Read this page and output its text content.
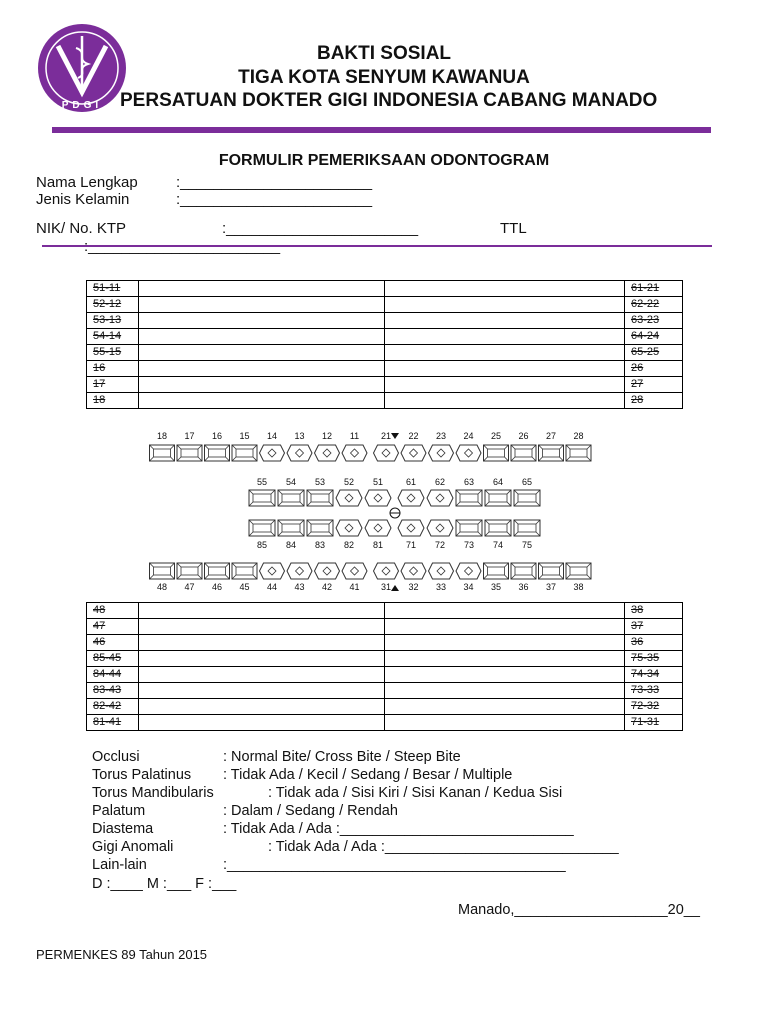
PDGI
BAKTI SOSIAL
TIGA KOTA SENYUM KAWANUA
PERSATUAN DOKTER GIGI INDONESIA CABANG MANADO
FORMULIR PEMERIKSAAN ODONTOGRAM
Nama Lengkap	:_______________________
Jenis Kelamin	:_______________________
NIK/ No. KTP	:_______________________	TTL
:_______________________
51-11			61-21
52-12			62-22
53-13			63-23
54-14			64-24
55-15			65-25
16			26
17			27
18			28
18 17 16 15 14 13 12 11 21 22 23 24 25 26 27 28
48 47 46 45 44 43 42 41 31 32 33 34 35 36 37 38
55 54 53 52 51	61 62 63 64 65
85 84 83 82 81	71 72 73 74 75
48			38
47			37
46			36
85-45			75-35
84-44			74-34
83-43			73-33
82-42			72-32
81-41			71-31
Occlusi	: Normal Bite/ Cross Bite / Steep Bite
Torus Palatinus : Tidak Ada / Kecil / Sedang / Besar / Multiple
Torus Mandibularis	: Tidak ada / Sisi Kiri / Sisi Kanan / Kedua Sisi
Palatum	: Dalam / Sedang / Rendah
Diastema	: Tidak Ada / Ada :_____________________________
Gigi Anomali	: Tidak Ada / Ada :_____________________________
Lain-lain	:__________________________________________
D :____ M :___ F :___
Manado,___________________20__
PERMENKES 89 Tahun 2015
